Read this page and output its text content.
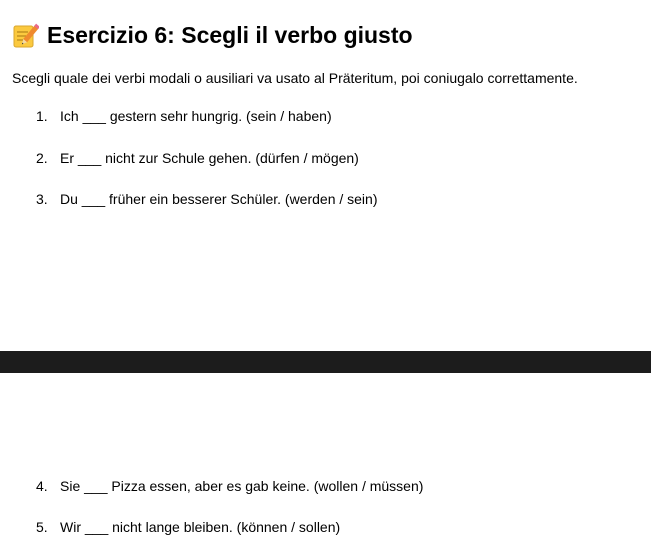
Esercizio 6: Scegli il verbo giusto
Scegli quale dei verbi modali o ausiliari va usato al Präteritum, poi coniugalo correttamente.
1. Ich ___ gestern sehr hungrig. (sein / haben)
2. Er ___ nicht zur Schule gehen. (dürfen / mögen)
3. Du ___ früher ein besserer Schüler. (werden / sein)
4. Sie ___ Pizza essen, aber es gab keine. (wollen / müssen)
5. Wir ___ nicht lange bleiben. (können / sollen)
